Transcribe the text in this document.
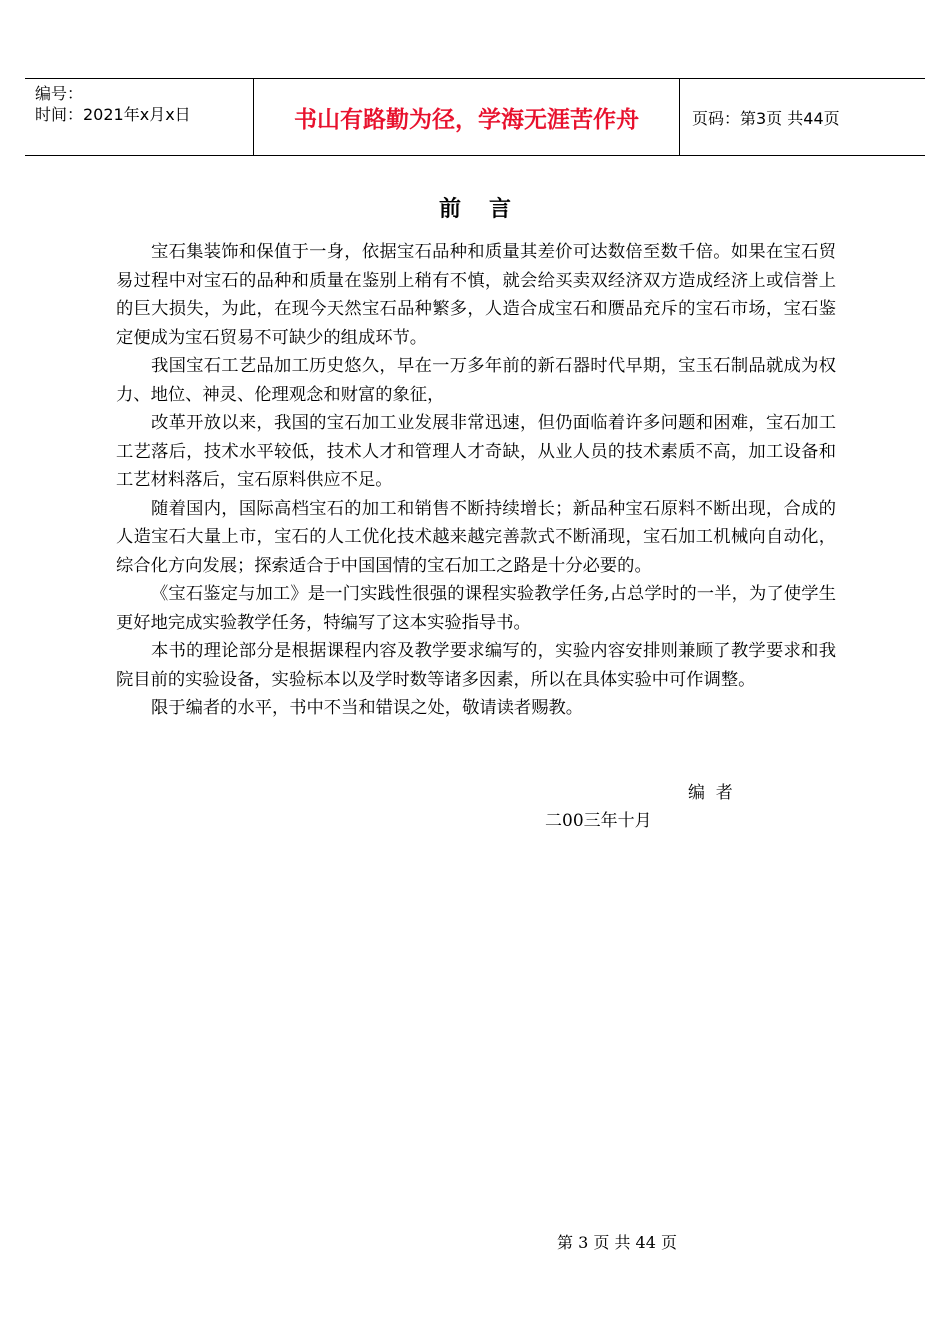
编号：
时间：2021年x月x日	书山有路勤为径，学海无涯苦作舟	页码：第3页 共44页
前言

宝石集装饰和保值于一身，依据宝石品种和质量其差价可达数倍至数千倍。如果在宝石贸易过程中对宝石的品种和质量在鉴别上稍有不慎，就会给买卖双经济双方造成经济上或信誉上的巨大损失，为此，在现今天然宝石品种繁多，人造合成宝石和赝品充斥的宝石市场，宝石鉴定便成为宝石贸易不可缺少的组成环节。

我国宝石工艺品加工历史悠久，早在一万多年前的新石器时代早期，宝玉石制品就成为权力、地位、神灵、伦理观念和财富的象征，

改革开放以来，我国的宝石加工业发展非常迅速，但仍面临着许多问题和困难，宝石加工工艺落后，技术水平较低，技术人才和管理人才奇缺，从业人员的技术素质不高，加工设备和工艺材料落后，宝石原料供应不足。

随着国内，国际高档宝石的加工和销售不断持续增长；新品种宝石原料不断出现，合成的人造宝石大量上市，宝石的人工优化技术越来越完善款式不断涌现，宝石加工机械向自动化，综合化方向发展；探索适合于中国国情的宝石加工之路是十分必要的。

《宝石鉴定与加工》是一门实践性很强的课程实验教学任务,占总学时的一半，为了使学生更好地完成实验教学任务，特编写了这本实验指导书。

本书的理论部分是根据课程内容及教学要求编写的，实验内容安排则兼顾了教学要求和我院目前的实验设备，实验标本以及学时数等诸多因素，所以在具体实验中可作调整。

限于编者的水平，书中不当和错误之处，敬请读者赐教。

编  者
二00三年十月
第 3 页 共 44 页
